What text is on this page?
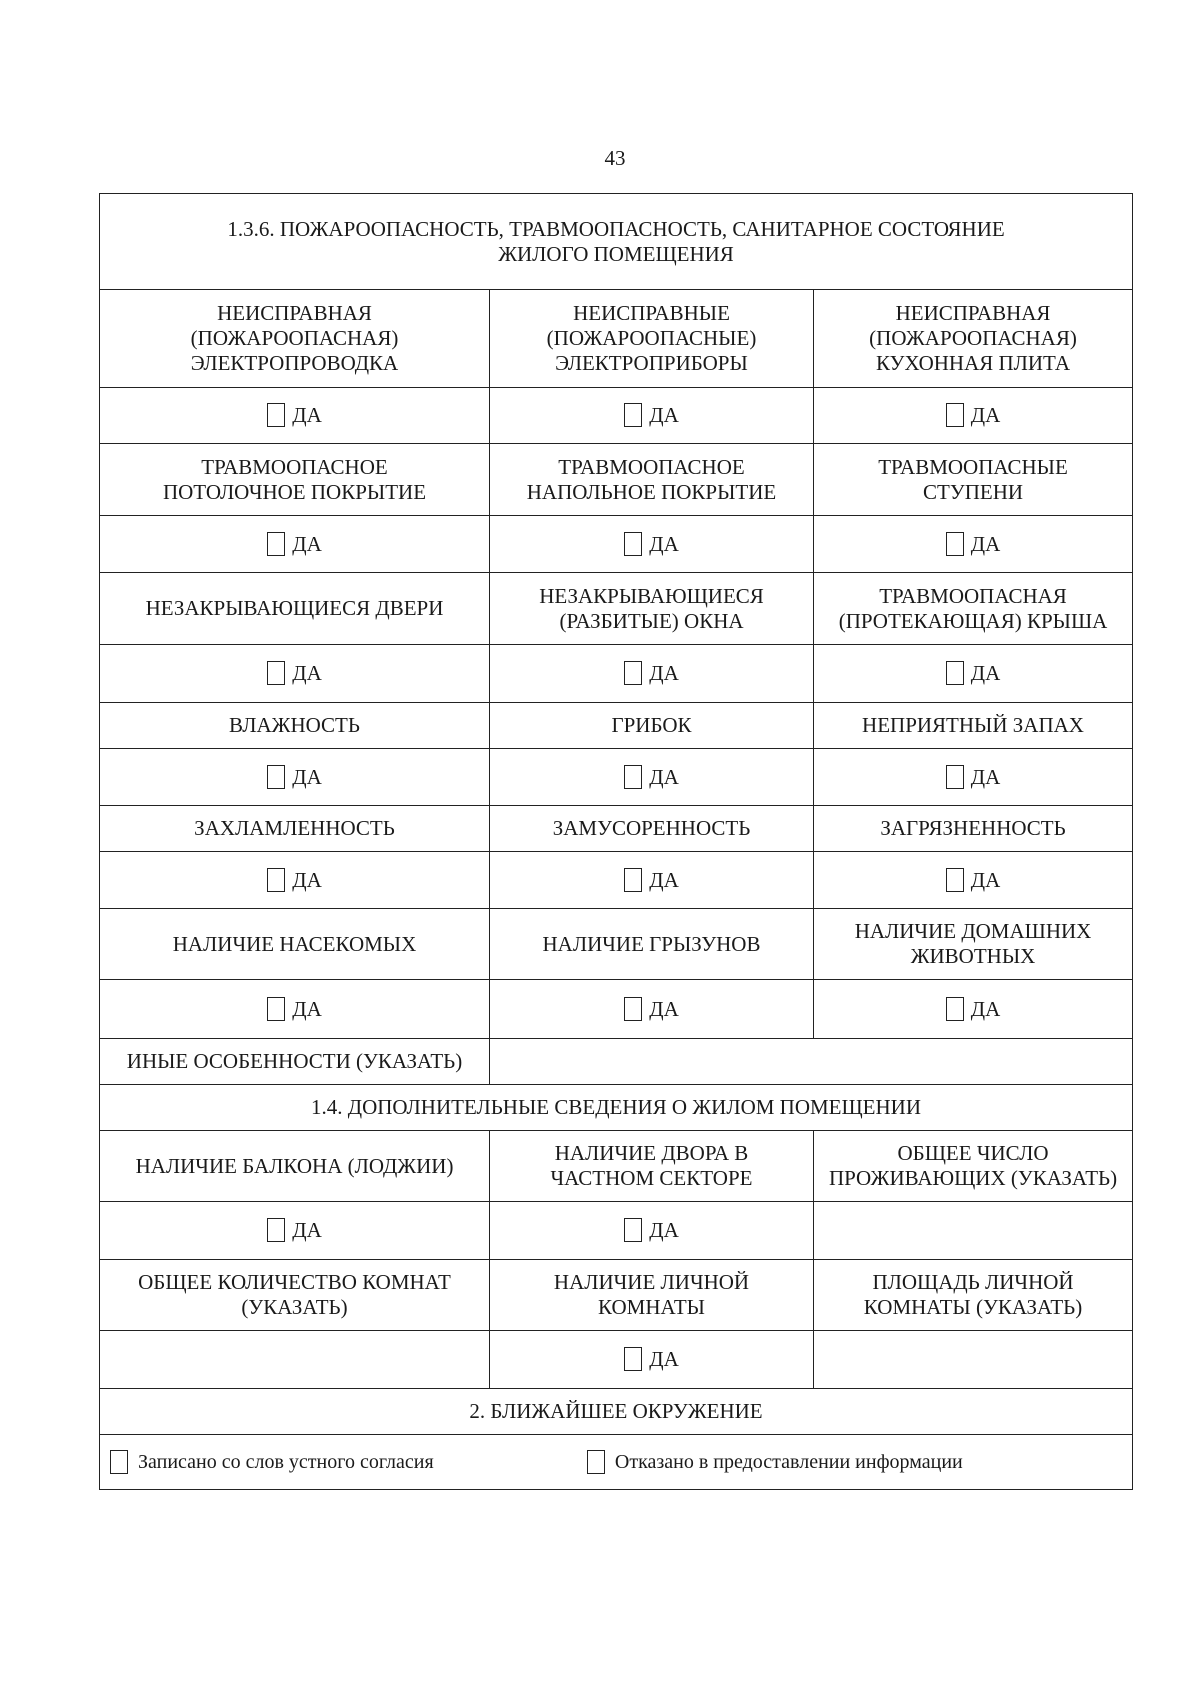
43
1.3.6. ПОЖАРООПАСНОСТЬ, ТРАВМООПАСНОСТЬ, САНИТАРНОЕ СОСТОЯНИЕ ЖИЛОГО ПОМЕЩЕНИЯ		
НЕИСПРАВНАЯ (ПОЖАРООПАСНАЯ) ЭЛЕКТРОПРОВОДКА	НЕИСПРАВНЫЕ (ПОЖАРООПАСНЫЕ) ЭЛЕКТРОПРИБОРЫ	НЕИСПРАВНАЯ (ПОЖАРООПАСНАЯ) КУХОННАЯ ПЛИТА
ДА	ДА	ДА
ТРАВМООПАСНОЕ ПОТОЛОЧНОЕ ПОКРЫТИЕ	ТРАВМООПАСНОЕ НАПОЛЬНОЕ ПОКРЫТИЕ	ТРАВМООПАСНЫЕ СТУПЕНИ
ДА	ДА	ДА
НЕЗАКРЫВАЮЩИЕСЯ ДВЕРИ	НЕЗАКРЫВАЮЩИЕСЯ (РАЗБИТЫЕ) ОКНА	ТРАВМООПАСНАЯ (ПРОТЕКАЮЩАЯ) КРЫША
ДА	ДА	ДА
ВЛАЖНОСТЬ	ГРИБОК	НЕПРИЯТНЫЙ ЗАПАХ
ДА	ДА	ДА
ЗАХЛАМЛЕННОСТЬ	ЗАМУСОРЕННОСТЬ	ЗАГРЯЗНЕННОСТЬ
ДА	ДА	ДА
НАЛИЧИЕ НАСЕКОМЫХ	НАЛИЧИЕ ГРЫЗУНОВ	НАЛИЧИЕ ДОМАШНИХ ЖИВОТНЫХ
ДА	ДА	ДА
ИНЫЕ ОСОБЕННОСТИ (УКАЗАТЬ)		
1.4. ДОПОЛНИТЕЛЬНЫЕ СВЕДЕНИЯ О ЖИЛОМ ПОМЕЩЕНИИ		
НАЛИЧИЕ БАЛКОНА (ЛОДЖИИ)	НАЛИЧИЕ ДВОРА В ЧАСТНОМ СЕКТОРЕ	ОБЩЕЕ ЧИСЛО ПРОЖИВАЮЩИХ (УКАЗАТЬ)
ДА	ДА	
ОБЩЕЕ КОЛИЧЕСТВО КОМНАТ (УКАЗАТЬ)	НАЛИЧИЕ ЛИЧНОЙ КОМНАТЫ	ПЛОЩАДЬ ЛИЧНОЙ КОМНАТЫ (УКАЗАТЬ)
	ДА	
2. БЛИЖАЙШЕЕ ОКРУЖЕНИЕ		
Записано со слов устного согласия Отказано в предоставлении информации		
